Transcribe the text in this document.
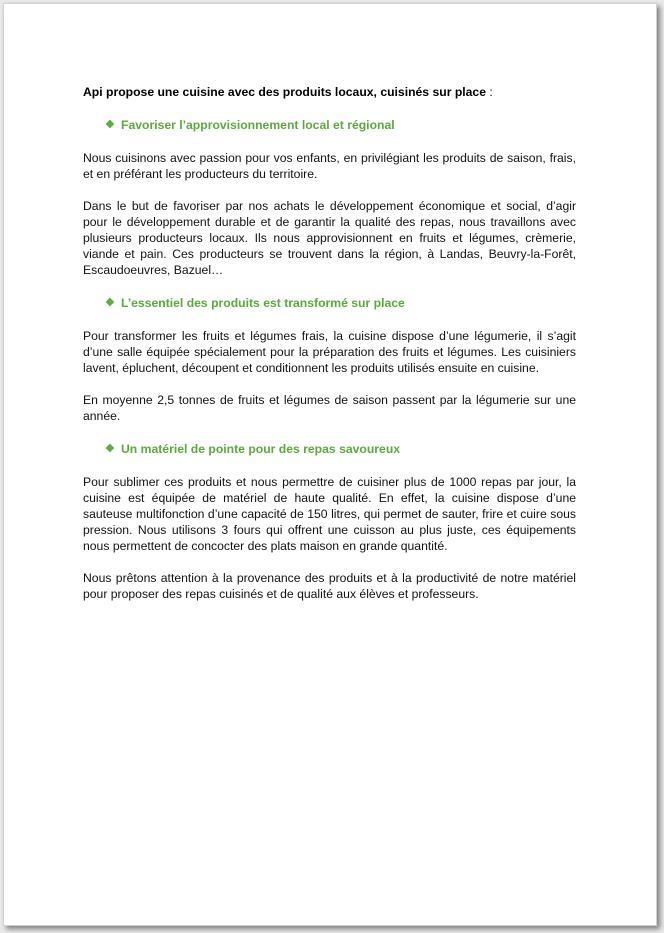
Api propose une cuisine avec des produits locaux, cuisinés sur place :

❖ Favoriser l’approvisionnement local et régional

Nous cuisinons avec passion pour vos enfants, en privilégiant les produits de saison, frais, et en préférant les producteurs du territoire.

Dans le but de favoriser par nos achats le développement économique et social, d’agir pour le développement durable et de garantir la qualité des repas, nous travaillons avec plusieurs producteurs locaux. Ils nous approvisionnent en fruits et légumes, crèmerie, viande et pain. Ces producteurs se trouvent dans la région, à Landas, Beuvry-la-Forêt, Escaudoeuvres, Bazuel…

❖ L’essentiel des produits est transformé sur place

Pour transformer les fruits et légumes frais, la cuisine dispose d’une légumerie, il s’agit d’une salle équipée spécialement pour la préparation des fruits et légumes. Les cuisiniers lavent, épluchent, découpent et conditionnent les produits utilisés ensuite en cuisine.

En moyenne 2,5 tonnes de fruits et légumes de saison passent par la légumerie sur une année.

❖ Un matériel de pointe pour des repas savoureux

Pour sublimer ces produits et nous permettre de cuisiner plus de 1000 repas par jour, la cuisine est équipée de matériel de haute qualité. En effet, la cuisine dispose d’une sauteuse multifonction d’une capacité de 150 litres, qui permet de sauter, frire et cuire sous pression. Nous utilisons 3 fours qui offrent une cuisson au plus juste, ces équipements nous permettent de concocter des plats maison en grande quantité.

Nous prêtons attention à la provenance des produits et à la productivité de notre matériel pour proposer des repas cuisinés et de qualité aux élèves et professeurs.
